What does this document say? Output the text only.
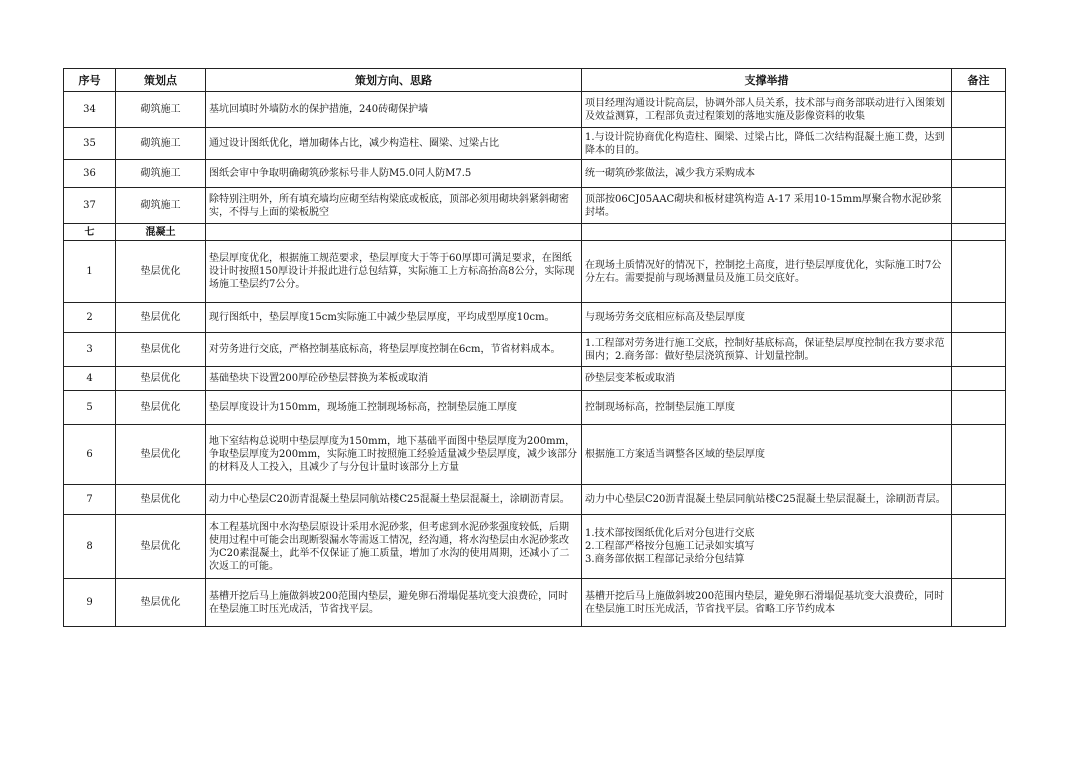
序号	策划点	策划方向、思路	支撑举措	备注
34	砌筑施工	基坑回填时外墙防水的保护措施，240砖砌保护墙	项目经理沟通设计院高层，协调外部人员关系，技术部与商务部联动进行入图策划及效益测算，工程部负责过程策划的落地实施及影像资料的收集	
35	砌筑施工	通过设计图纸优化，增加砌体占比，减少构造柱、圈梁、过梁占比	1.与设计院协商优化构造柱、圈梁、过梁占比，降低二次结构混凝土施工费，达到降本的目的。	
36	砌筑施工	图纸会审中争取明确砌筑砂浆标号非人防M5.0同人防M7.5	统一砌筑砂浆做法，减少我方采购成本	
37	砌筑施工	除特别注明外，所有填充墙均应砌至结构梁底或板底，顶部必须用砌块斜紧斜砌密实，不得与上面的梁板脱空	顶部按06CJ05AAC砌块和板材建筑构造 A-17 采用10-15mm厚聚合物水泥砂浆封堵。	
七	混凝土			
1	垫层优化	垫层厚度优化，根据施工规范要求，垫层厚度大于等于60厚即可满足要求，在图纸设计时按照150厚设计并报此进行总包结算，实际施工上方标高抬高8公分，实际现场施工垫层约7公分。	在现场土质情况好的情况下，控制挖土高度，进行垫层厚度优化，实际施工时7公分左右。需要提前与现场测量员及施工员交底好。	
2	垫层优化	现行图纸中，垫层厚度15cm实际施工中减少垫层厚度，平均成型厚度10cm。	与现场劳务交底相应标高及垫层厚度	
3	垫层优化	对劳务进行交底，严格控制基底标高，将垫层厚度控制在6cm，节省材料成本。	1.工程部对劳务进行施工交底，控制好基底标高，保证垫层厚度控制在我方要求范围内；2.商务部：做好垫层浇筑预算、计划量控制。	
4	垫层优化	基础垫块下设置200厚砼砂垫层替换为苯板或取消	砂垫层变苯板或取消	
5	垫层优化	垫层厚度设计为150mm，现场施工控制现场标高，控制垫层施工厚度	控制现场标高，控制垫层施工厚度	
6	垫层优化	地下室结构总说明中垫层厚度为150mm，地下基础平面图中垫层厚度为200mm，争取垫层厚度为200mm，实际施工时按照施工经验适量减少垫层厚度，减少该部分的材料及人工投入，且减少了与分包计量时该部分上方量	根据施工方案适当调整各区域的垫层厚度	
7	垫层优化	动力中心垫层C20沥青混凝土垫层同航站楼C25混凝土垫层混凝土，涂刷沥青层。	动力中心垫层C20沥青混凝土垫层同航站楼C25混凝土垫层混凝土，涂刷沥青层。	
8	垫层优化	本工程基坑图中水沟垫层原设计采用水泥砂浆，但考虑到水泥砂浆强度较低，后期使用过程中可能会出现断裂漏水等需返工情况，经沟通，将水沟垫层由水泥砂浆改为C20素混凝土，此举不仅保证了施工质量，增加了水沟的使用周期，还减小了二次返工的可能。	1.技术部按图纸优化后对分包进行交底
2.工程部严格按分包施工记录如实填写
3.商务部依据工程部记录给分包结算	
9	垫层优化	基槽开挖后马上施做斜坡200范围内垫层，避免卵石滑塌促基坑变大浪费砼，同时在垫层施工时压光成活，节省找平层。	基槽开挖后马上施做斜坡200范围内垫层，避免卵石滑塌促基坑变大浪费砼，同时在垫层施工时压光成活，节省找平层。省略工序节约成本	
